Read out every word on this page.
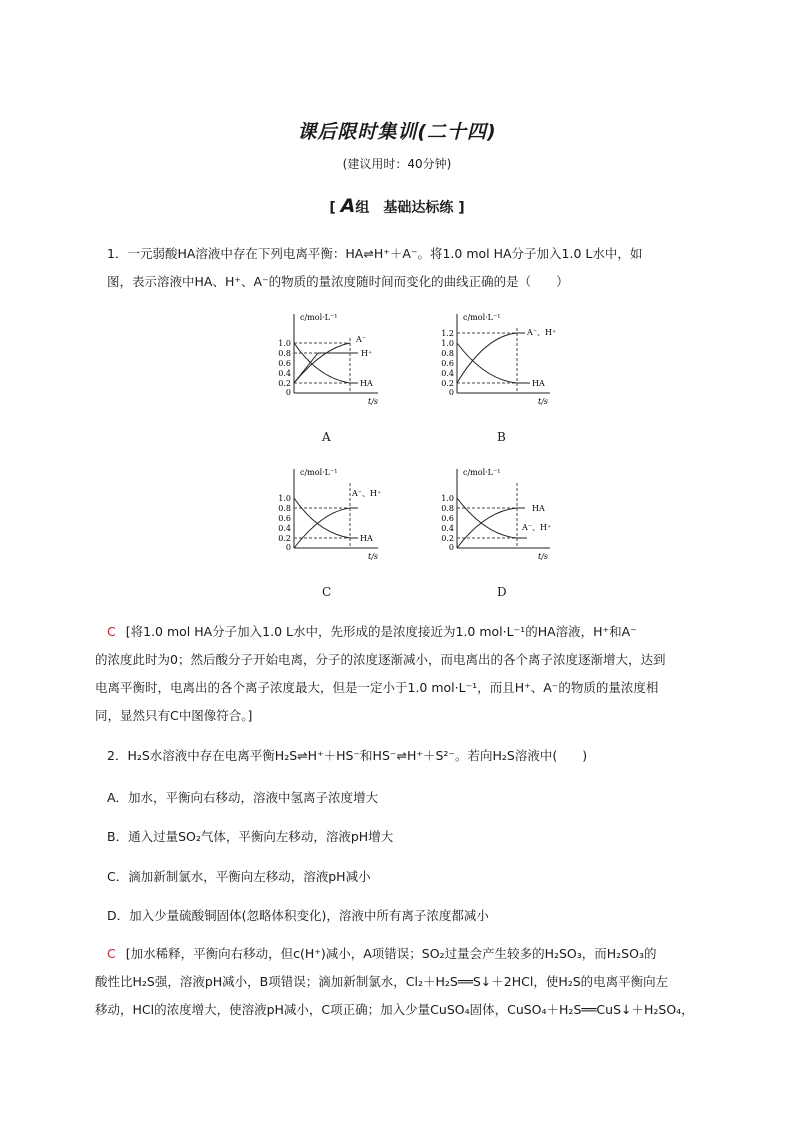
课后限时集训(二十四)
(建议用时：40分钟)
[ A组　基础达标练 ]
1．一元弱酸HA溶液中存在下列电离平衡：HA⇌H⁺＋A⁻。将1.0 mol HA分子加入1.0 L水中，如
图，表示溶液中HA、H⁺、A⁻的物质的量浓度随时间而变化的曲线正确的是（　　）
c/mol·L⁻¹
0
0.2
0.4
0.6
0.8
1.0	A⁻
H⁺
HA
t/s
A
c/mol·L⁻¹
0
0.2
0.4
0.6
0.8
1.0
1.2	A⁻、H⁺
HA
t/s
B
c/mol·L⁻¹
0
0.2
0.4
0.6
0.8
1.0
A⁻、H⁺
HA
t/s
C
c/mol·L⁻¹
0
0.2
0.4
0.6
0.8
1.0
HA
A⁻、H⁺
t/s
D
C [将1.0 mol HA分子加入1.0 L水中，先形成的是浓度接近为1.0 mol·L⁻¹的HA溶液，H⁺和A⁻
的浓度此时为0；然后酸分子开始电离，分子的浓度逐渐减小，而电离出的各个离子浓度逐渐增大，达到
电离平衡时，电离出的各个离子浓度最大，但是一定小于1.0 mol·L⁻¹，而且H⁺、A⁻的物质的量浓度相
同，显然只有C中图像符合。]
2．H₂S水溶液中存在电离平衡H₂S⇌H⁺＋HS⁻和HS⁻⇌H⁺＋S²⁻。若向H₂S溶液中(　　)
A．加水，平衡向右移动，溶液中氢离子浓度增大
B．通入过量SO₂气体，平衡向左移动，溶液pH增大
C．滴加新制氯水，平衡向左移动，溶液pH减小
D．加入少量硫酸铜固体(忽略体积变化)，溶液中所有离子浓度都减小
C [加水稀释，平衡向右移动，但c(H⁺)减小，A项错误；SO₂过量会产生较多的H₂SO₃，而H₂SO₃的
酸性比H₂S强，溶液pH减小，B项错误；滴加新制氯水，Cl₂＋H₂S══S↓＋2HCl，使H₂S的电离平衡向左
移动，HCl的浓度增大，使溶液pH减小，C项正确；加入少量CuSO₄固体，CuSO₄＋H₂S══CuS↓＋H₂SO₄，
